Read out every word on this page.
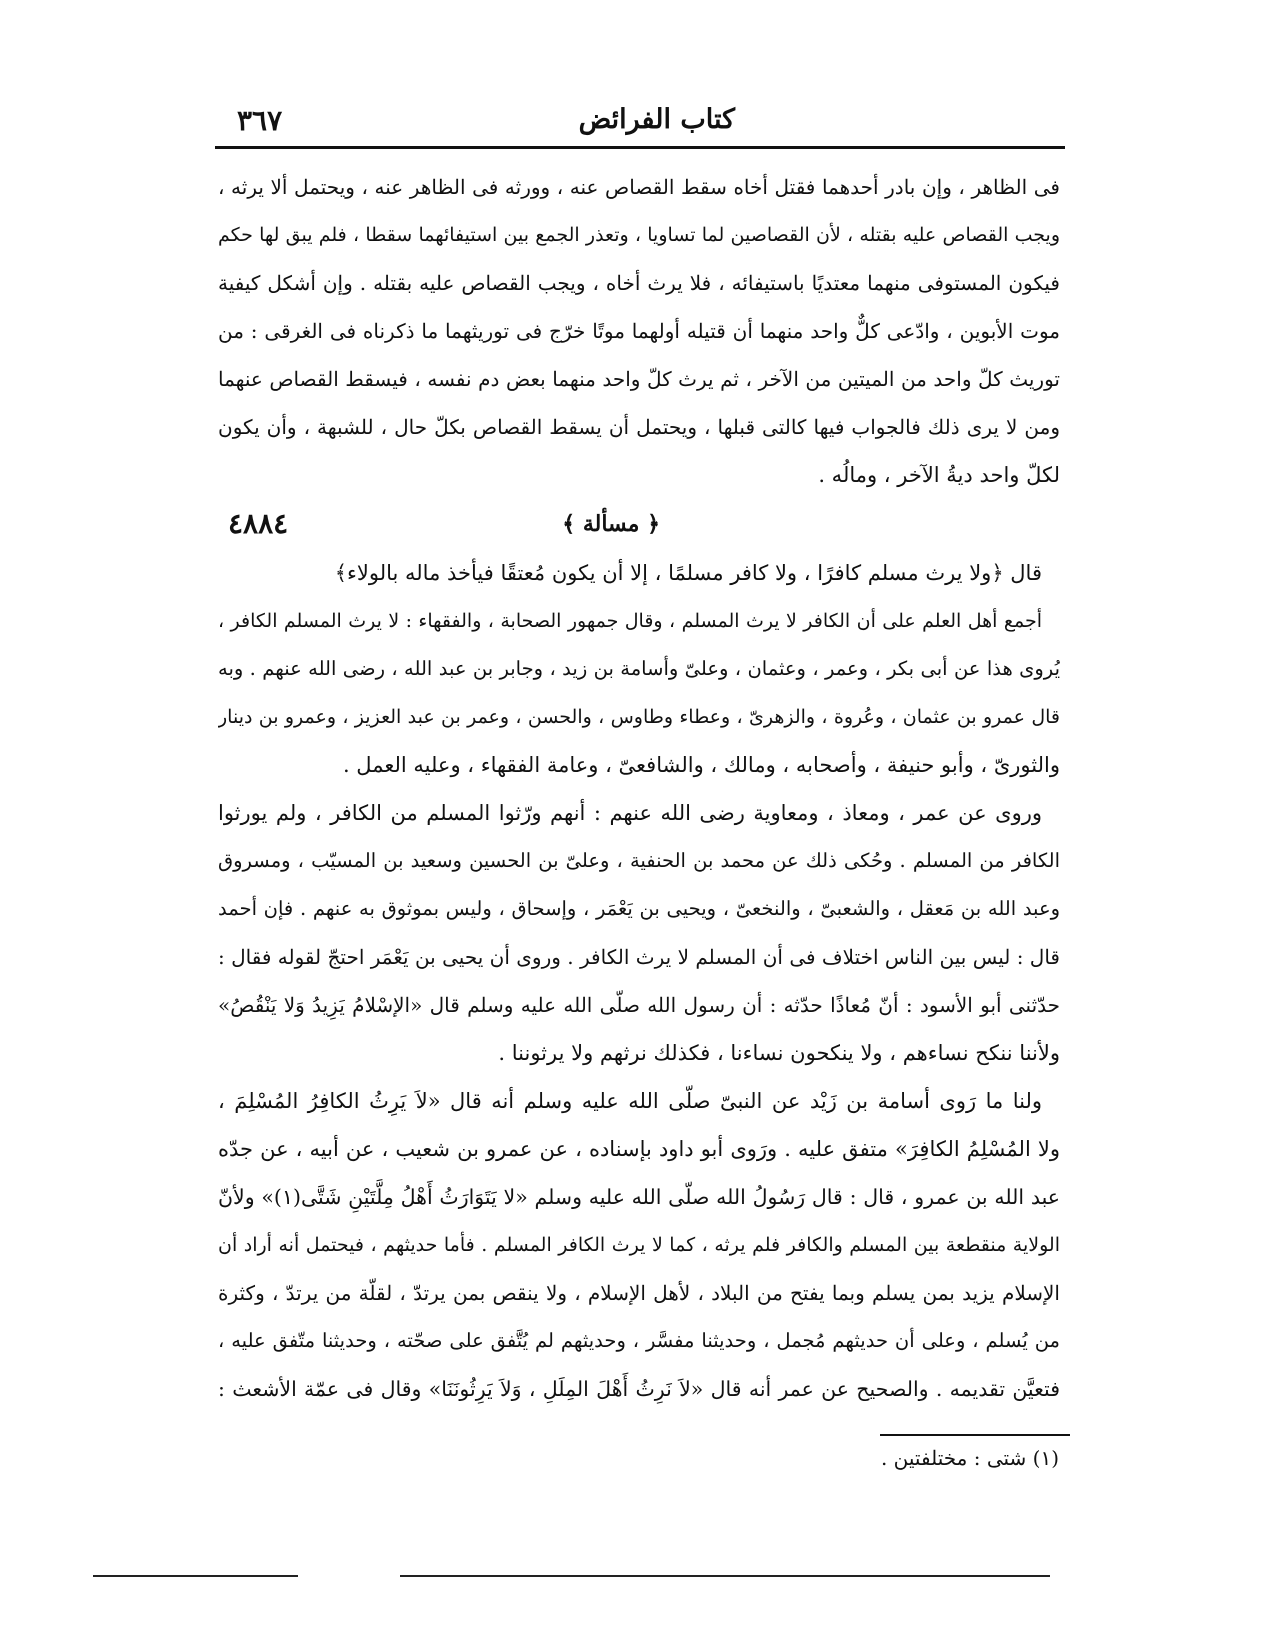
كتاب الفرائض
٣٦٧
فى الظاهر ، وإن بادر أحدهما فقتل أخاه سقط القصاص عنه ، وورثه فى الظاهر عنه ، ويحتمل ألا يرثه ،
ويجب القصاص عليه بقتله ، لأن القصاصين لما تساويا ، وتعذر الجمع بين استيفائهما سقطا ، فلم يبق لها حكم
فيكون المستوفى منهما معتديًا باستيفائه ، فلا يرث أخاه ، ويجب القصاص عليه بقتله . وإن أشكل كيفية
موت الأبوين ، وادّعى كلٌّ واحد منهما أن قتيله أولهما موتًا خرّج فى توريثهما ما ذكرناه فى الغرقى : من
توريث كلّ واحد من الميتين من الآخر ، ثم يرث كلّ واحد منهما بعض دم نفسه ، فيسقط القصاص عنهما
ومن لا يرى ذلك فالجواب فيها كالتى قبلها ، ويحتمل أن يسقط القصاص بكلّ حال ، للشبهة ، وأن يكون
لكلّ واحد ديةُ الآخر ، ومالُه .
﴿ مسألة ﴾
٤٨٨٤
قال ﴿ولا يرث مسلم كافرًا ، ولا كافر مسلمًا ، إلا أن يكون مُعتقًا فيأخذ ماله بالولاء﴾
أجمع أهل العلم على أن الكافر لا يرث المسلم ، وقال جمهور الصحابة ، والفقهاء : لا يرث المسلم الكافر ،
يُروى هذا عن أبى بكر ، وعمر ، وعثمان ، وعلىّ وأسامة بن زيد ، وجابر بن عبد الله ، رضى الله عنهم . وبه
قال عمرو بن عثمان ، وعُروة ، والزهرىّ ، وعطاء وطاوس ، والحسن ، وعمر بن عبد العزيز ، وعمرو بن دينار
والثورىّ ، وأبو حنيفة ، وأصحابه ، ومالك ، والشافعىّ ، وعامة الفقهاء ، وعليه العمل .
وروى عن عمر ، ومعاذ ، ومعاوية رضى الله عنهم : أنهم ورّثوا المسلم من الكافر ، ولم يورثوا
الكافر من المسلم . وحُكى ذلك عن محمد بن الحنفية ، وعلىّ بن الحسين وسعيد بن المسيّب ، ومسروق
وعبد الله بن مَعقل ، والشعبىّ ، والنخعىّ ، ويحيى بن يَعْمَر ، وإسحاق ، وليس بموثوق به عنهم . فإن أحمد
قال : ليس بين الناس اختلاف فى أن المسلم لا يرث الكافر . وروى أن يحيى بن يَعْمَر احتجّ لقوله فقال :
حدّثنى أبو الأسود : أنّ مُعاذًا حدّثه : أن رسول الله صلّى الله عليه وسلم قال «الإسْلامُ يَزِيدُ وَلا يَنْقُصُ»
ولأننا ننكح نساءهم ، ولا ينكحون نساءنا ، فكذلك نرثهم ولا يرثوننا .
ولنا ما رَوى أسامة بن زَيْد عن النبىّ صلّى الله عليه وسلم أنه قال «لاَ يَرِثُ الكافِرُ المُسْلِمَ ،
ولا المُسْلِمُ الكافِرَ» متفق عليه . ورَوى أبو داود بإسناده ، عن عمرو بن شعيب ، عن أبيه ، عن جدّه
عبد الله بن عمرو ، قال : قال رَسُولُ الله صلّى الله عليه وسلم «لا يَتَوَارَثُ أَهْلُ مِلَّتَيْنِ شَتَّى(١)» ولأنّ
الولاية منقطعة بين المسلم والكافر فلم يرثه ، كما لا يرث الكافر المسلم . فأما حديثهم ، فيحتمل أنه أراد أن
الإسلام يزيد بمن يسلم وبما يفتح من البلاد ، لأهل الإسلام ، ولا ينقص بمن يرتدّ ، لقلّة من يرتدّ ، وكثرة
من يُسلم ، وعلى أن حديثهم مُجمل ، وحديثنا مفسَّر ، وحديثهم لم يُتَّفق على صحّته ، وحديثنا متّفق عليه ،
فتعيَّن تقديمه . والصحيح عن عمر أنه قال «لاَ نَرِثُ أَهْلَ المِلَلِ ، وَلاَ يَرِثُونَنَا» وقال فى عمّة الأشعث :
(١) شتى : مختلفتين .
